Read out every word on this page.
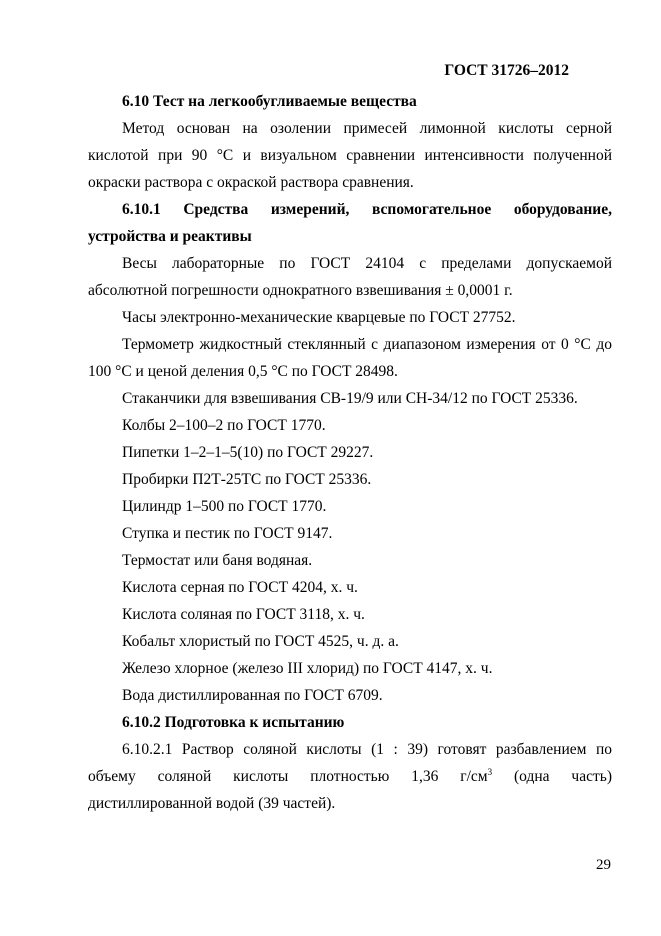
ГОСТ 31726–2012

6.10 Тест на легкообугливаемые вещества

Метод основан на озолении примесей лимонной кислоты серной кислотой при 90 °С и визуальном сравнении интенсивности полученной окраски раствора с окраской раствора сравнения.

6.10.1 Средства измерений, вспомогательное оборудование, устройства и реактивы

Весы лабораторные по ГОСТ 24104 с пределами допускаемой абсолютной погрешности однократного взвешивания ± 0,0001 г.

Часы электронно-механические кварцевые по ГОСТ 27752.

Термометр жидкостный стеклянный с диапазоном измерения от 0 °С до 100 °С и ценой деления 0,5 °С по ГОСТ 28498.

Стаканчики для взвешивания СВ-19/9 или СН-34/12 по ГОСТ 25336.

Колбы 2–100–2 по ГОСТ 1770.

Пипетки 1–2–1–5(10) по ГОСТ 29227.

Пробирки П2Т-25ТС по ГОСТ 25336.

Цилиндр 1–500 по ГОСТ 1770.

Ступка и пестик по ГОСТ 9147.

Термостат или баня водяная.

Кислота серная по ГОСТ 4204, х. ч.

Кислота соляная по ГОСТ 3118, х. ч.

Кобальт хлористый по ГОСТ 4525, ч. д. а.

Железо хлорное (железо III хлорид) по ГОСТ 4147, х. ч.

Вода дистиллированная по ГОСТ 6709.

6.10.2 Подготовка к испытанию

6.10.2.1 Раствор соляной кислоты (1 : 39) готовят разбавлением по объему соляной кислоты плотностью 1,36 $г/см^3$ (одна часть) дистиллированной водой (39 частей).

29
